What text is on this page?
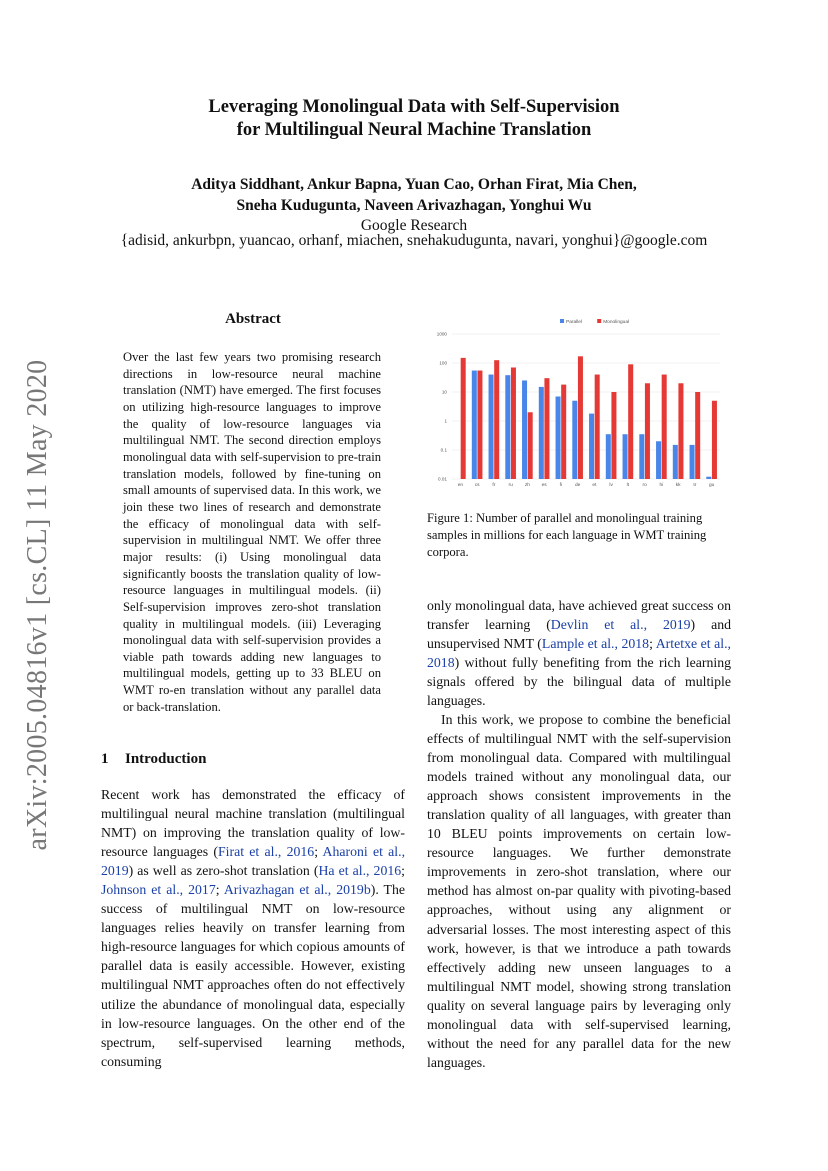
arXiv:2005.04816v1 [cs.CL] 11 May 2020
Leveraging Monolingual Data with Self-Supervision
for Multilingual Neural Machine Translation
Aditya Siddhant, Ankur Bapna, Yuan Cao, Orhan Firat, Mia Chen,
Sneha Kudugunta, Naveen Arivazhagan, Yonghui Wu
Google Research
{adisid, ankurbpn, yuancao, orhanf, miachen, snehakudugunta, navari, yonghui}@google.com
Abstract
Over the last few years two promising research directions in low-resource neural machine translation (NMT) have emerged. The first focuses on utilizing high-resource languages to improve the quality of low-resource languages via multilingual NMT. The second direction employs monolingual data with self-supervision to pre-train translation models, followed by fine-tuning on small amounts of supervised data. In this work, we join these two lines of research and demonstrate the efficacy of monolingual data with self-supervision in multilingual NMT. We offer three major results: (i) Using monolingual data significantly boosts the translation quality of low-resource languages in multilingual models. (ii) Self-supervision improves zero-shot translation quality in multilingual models. (iii) Leveraging monolingual data with self-supervision provides a viable path towards adding new languages to multilingual models, getting up to 33 BLEU on WMT ro-en translation without any parallel data or back-translation.
1 Introduction
Recent work has demonstrated the efficacy of multilingual neural machine translation (multilingual NMT) on improving the translation quality of low-resource languages (Firat et al., 2016; Aharoni et al., 2019) as well as zero-shot translation (Ha et al., 2016; Johnson et al., 2017; Arivazhagan et al., 2019b). The success of multilingual NMT on low-resource languages relies heavily on transfer learning from high-resource languages for which copious amounts of parallel data is easily accessible. However, existing multilingual NMT approaches often do not effectively utilize the abundance of monolingual data, especially in low-resource languages. On the other end of the spectrum, self-supervised learning methods, consuming
1000
100
10
1
0.1
0.01
Parallel	Monolingual
en cs	fr	ru	zh es	fi	de	et	lv	lt	ro	hi	kk	tr	gu
Figure 1: Number of parallel and monolingual training samples in millions for each language in WMT training corpora.
only monolingual data, have achieved great success on transfer learning (Devlin et al., 2019) and unsupervised NMT (Lample et al., 2018; Artetxe et al., 2018) without fully benefiting from the rich learning signals offered by the bilingual data of multiple languages.
In this work, we propose to combine the beneficial effects of multilingual NMT with the self-supervision from monolingual data. Compared with multilingual models trained without any monolingual data, our approach shows consistent improvements in the translation quality of all languages, with greater than 10 BLEU points improvements on certain low-resource languages. We further demonstrate improvements in zero-shot translation, where our method has almost on-par quality with pivoting-based approaches, without using any alignment or adversarial losses. The most interesting aspect of this work, however, is that we introduce a path towards effectively adding new unseen languages to a multilingual NMT model, showing strong translation quality on several language pairs by leveraging only monolingual data with self-supervised learning, without the need for any parallel data for the new languages.
